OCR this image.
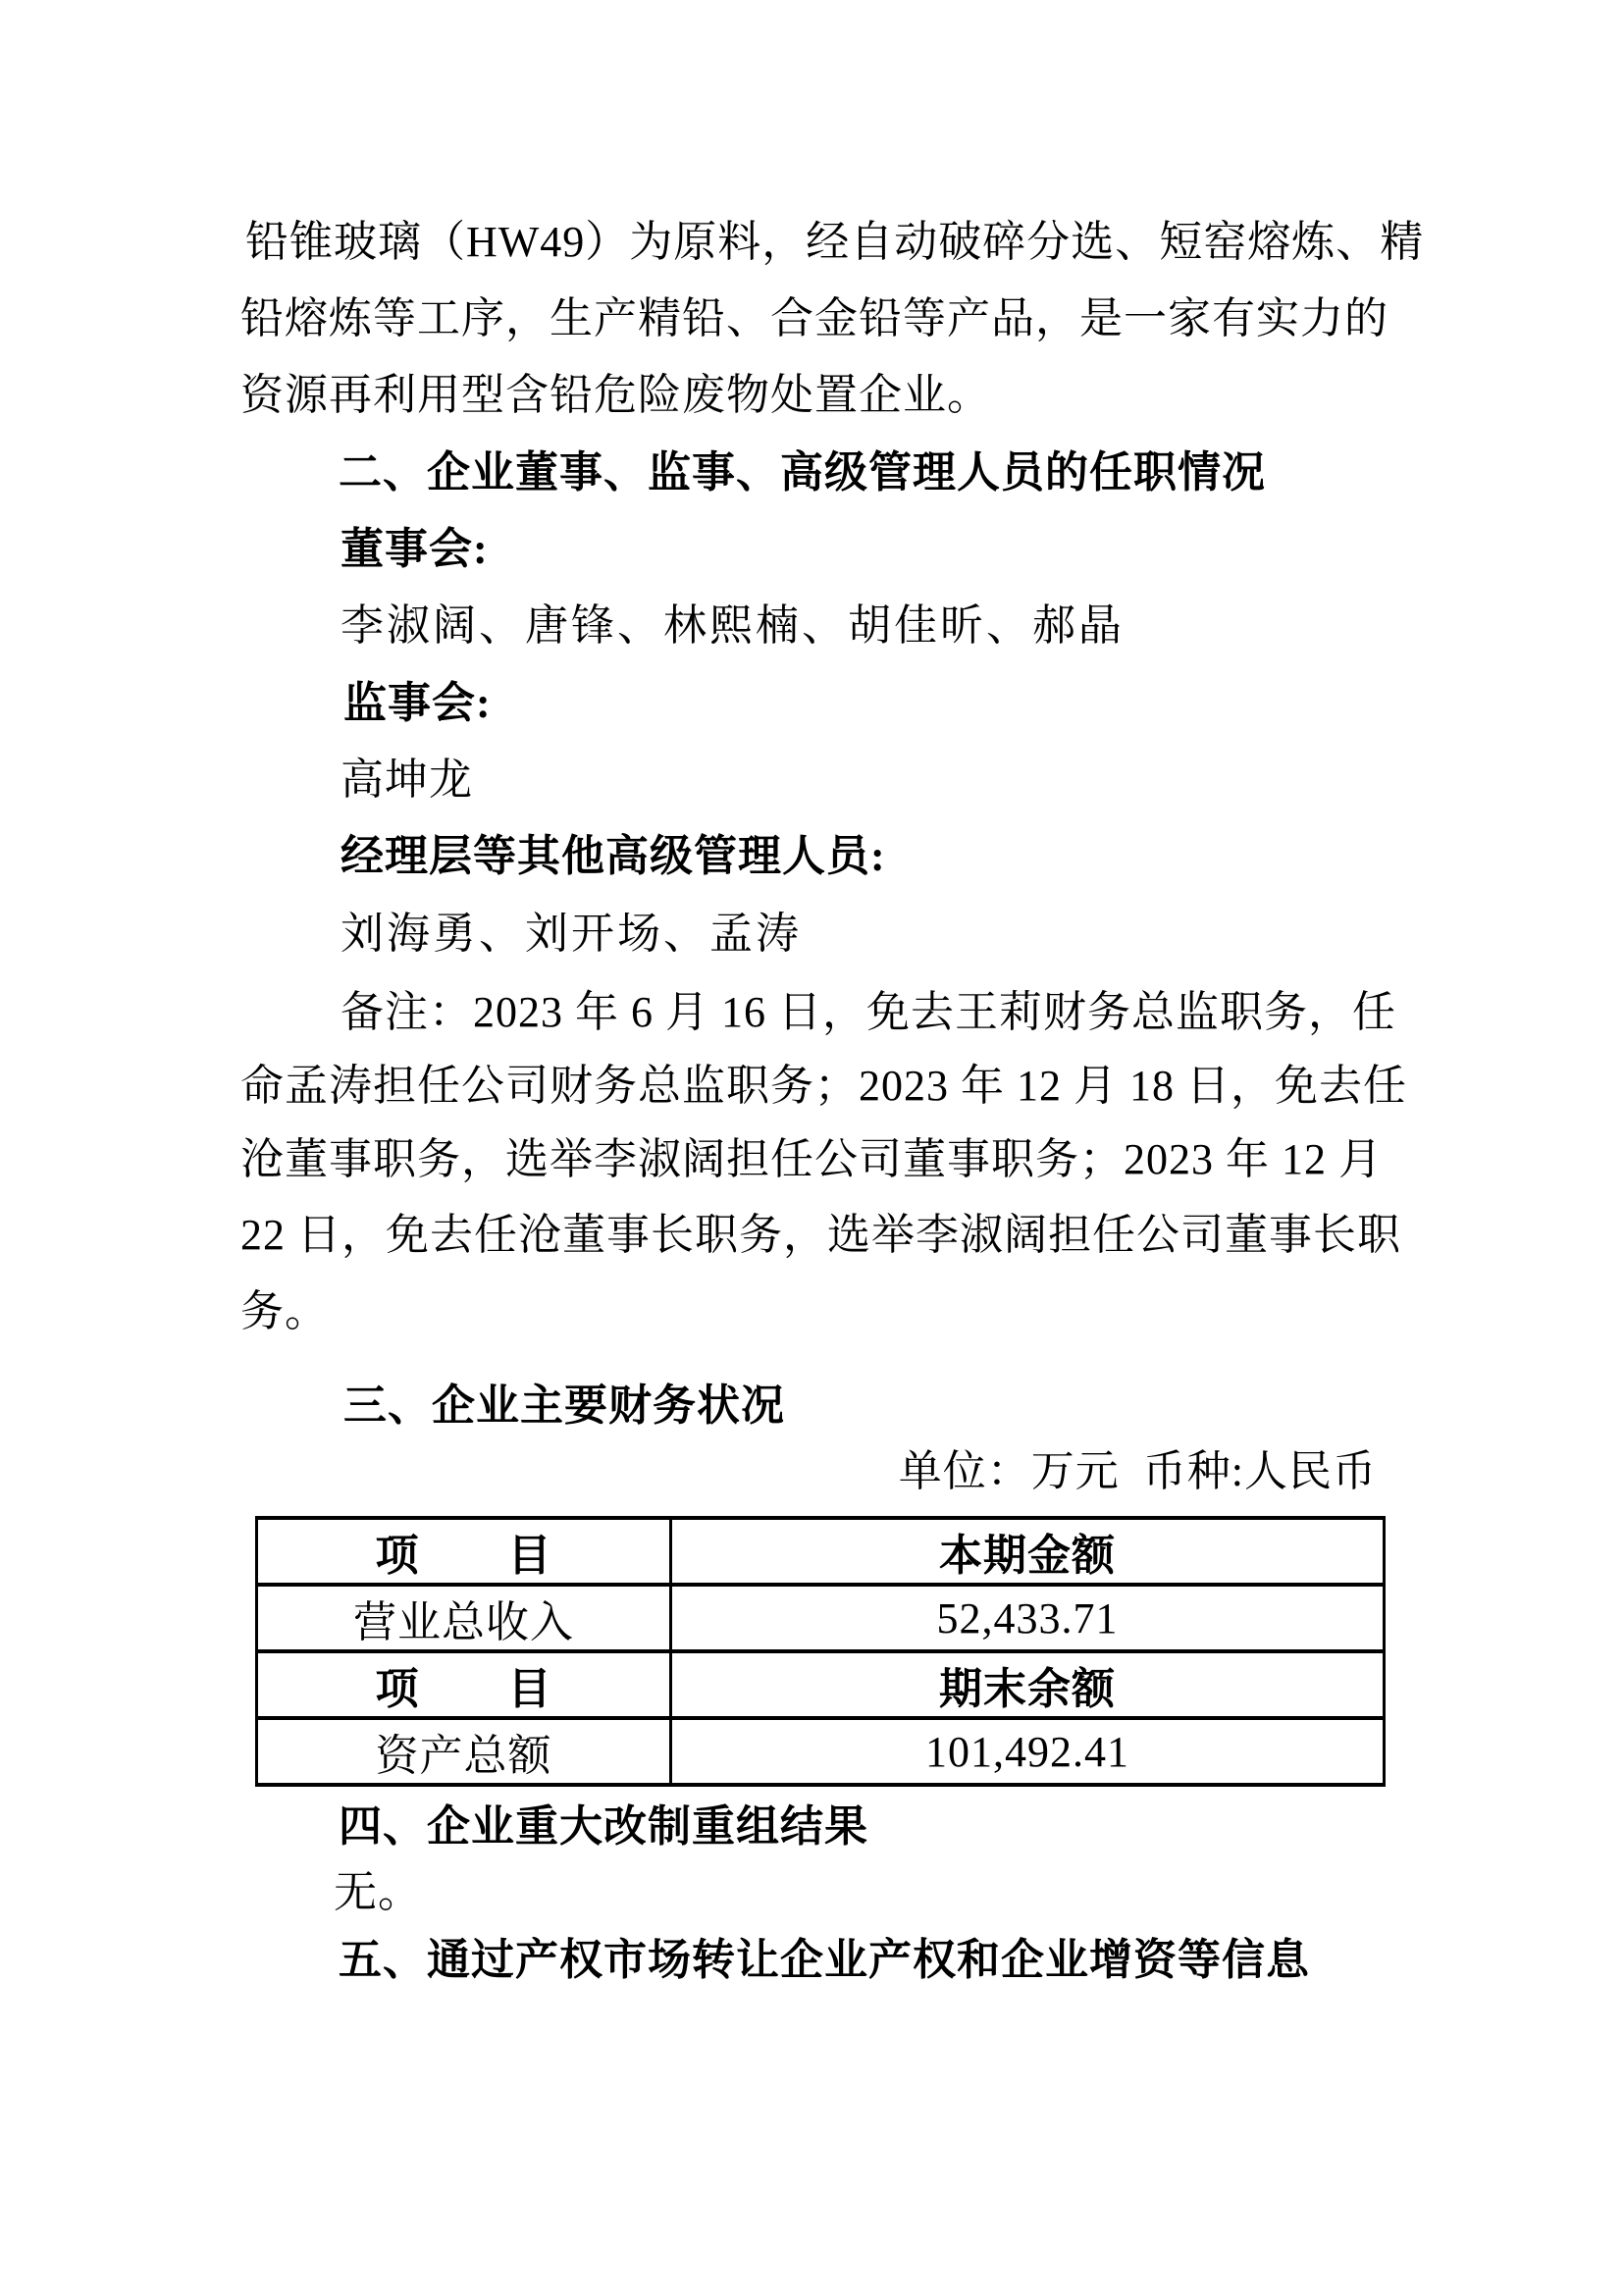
铅锥玻璃（HW49）为原料，经自动破碎分选、短窑熔炼、精
铅熔炼等工序，生产精铅、合金铅等产品，是一家有实力的
资源再利用型含铅危险废物处置企业。
二、企业董事、监事、高级管理人员的任职情况
董事会:
李淑阔、唐锋、林熙楠、胡佳昕、郝晶
监事会:
高坤龙
经理层等其他高级管理人员:
刘海勇、刘开场、孟涛
备注：2023 年 6 月 16 日，免去王莉财务总监职务，任
命孟涛担任公司财务总监职务；2023 年 12 月 18 日，免去任
沧董事职务，选举李淑阔担任公司董事职务；2023 年 12 月
22 日，免去任沧董事长职务，选举李淑阔担任公司董事长职
务。
三、企业主要财务状况
单位：万元  币种:人民币
项　　目	本期金额
营业总收入	52,433.71
项　　目	期末余额
资产总额	101,492.41
四、企业重大改制重组结果
无。
五、通过产权市场转让企业产权和企业增资等信息
